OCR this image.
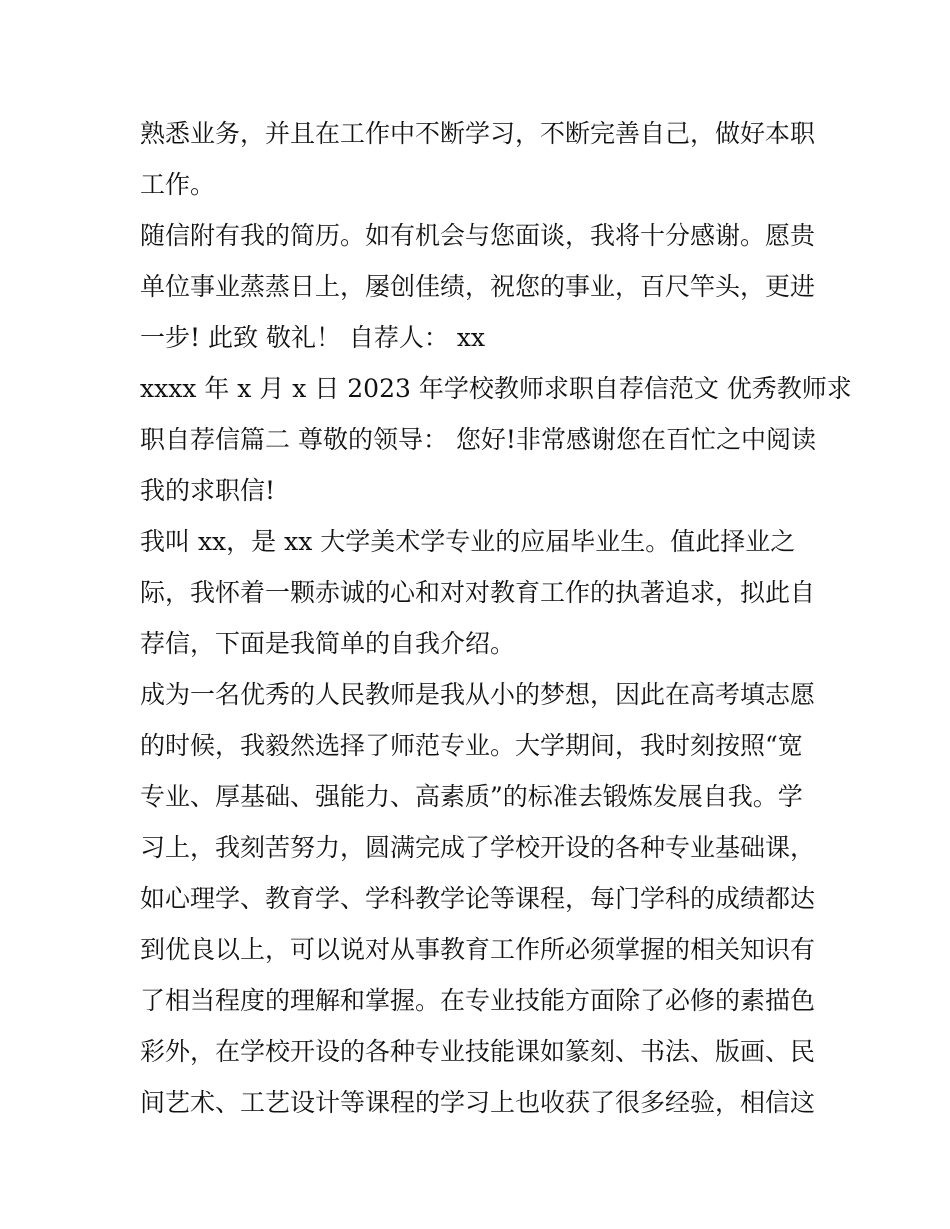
熟悉业务，并且在工作中不断学习，不断完善自己，做好本职
工作。
随信附有我的简历。如有机会与您面谈，我将十分感谢。愿贵
单位事业蒸蒸日上，屡创佳绩，祝您的事业，百尺竿头，更进
一步! 此致 敬礼！ 自荐人： xx
xxxx 年 x 月 x 日 2023 年学校教师求职自荐信范文 优秀教师求
职自荐信篇二 尊敬的领导： 您好!非常感谢您在百忙之中阅读
我的求职信!
我叫 xx，是 xx 大学美术学专业的应届毕业生。值此择业之
际，我怀着一颗赤诚的心和对对教育工作的执著追求，拟此自
荐信，下面是我简单的自我介绍。
成为一名优秀的人民教师是我从小的梦想，因此在高考填志愿
的时候，我毅然选择了师范专业。大学期间，我时刻按照“宽
专业、厚基础、强能力、高素质”的标准去锻炼发展自我。学
习上，我刻苦努力，圆满完成了学校开设的各种专业基础课，
如心理学、教育学、学科教学论等课程，每门学科的成绩都达
到优良以上，可以说对从事教育工作所必须掌握的相关知识有
了相当程度的理解和掌握。在专业技能方面除了必修的素描色
彩外，在学校开设的各种专业技能课如篆刻、书法、版画、民
间艺术、工艺设计等课程的学习上也收获了很多经验，相信这
